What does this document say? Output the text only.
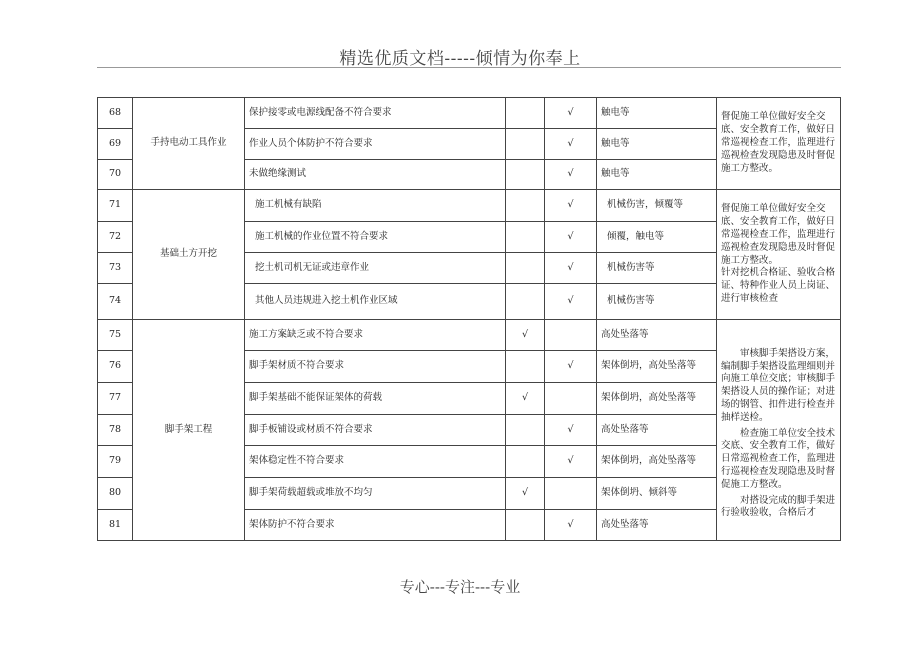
精选优质文档-----倾情为你奉上
68	手持电动工具作业	保护接零或电源线配备不符合要求		√	触电等	督促施工单位做好安全交底、安全教育工作，做好日常巡视检查工作，监理进行巡视检查发现隐患及时督促施工方整改。

69		作业人员个体防护不符合要求		√	触电等	
70		未做绝缘测试		√	触电等	
71	基础土方开挖	施工机械有缺陷		√	机械伤害，倾覆等	督促施工单位做好安全交底、安全教育工作，做好日常巡视检查工作，监理进行巡视检查发现隐患及时督促施工方整改。

针对挖机合格证、验收合格证、特种作业人员上岗证、进行审核检查

72		施工机械的作业位置不符合要求		√	倾覆，触电等	
73		挖土机司机无证或违章作业		√	机械伤害等	
74		其他人员违规进入挖土机作业区域		√	机械伤害等	
75	脚手架工程	施工方案缺乏或不符合要求	√		高处坠落等	审核脚手架搭设方案，编制脚手架搭设监理细则并向施工单位交底；审核脚手架搭设人员的操作证；对进场的钢管、扣件进行检查并抽样送检。

检查施工单位安全技术交底、安全教育工作，做好日常巡视检查工作，监理进行巡视检查发现隐患及时督促施工方整改。

对搭设完成的脚手架进行验收验收，合格后才

76		脚手架材质不符合要求		√	架体倒坍，高处坠落等	
77		脚手架基础不能保证架体的荷载	√		架体倒坍，高处坠落等	
78		脚手板铺设或材质不符合要求		√	高处坠落等	
79		架体稳定性不符合要求		√	架体倒坍，高处坠落等	
80		脚手架荷载超载或堆放不均匀	√		架体倒坍、倾斜等	
81		架体防护不符合要求		√	高处坠落等	
专心---专注---专业
